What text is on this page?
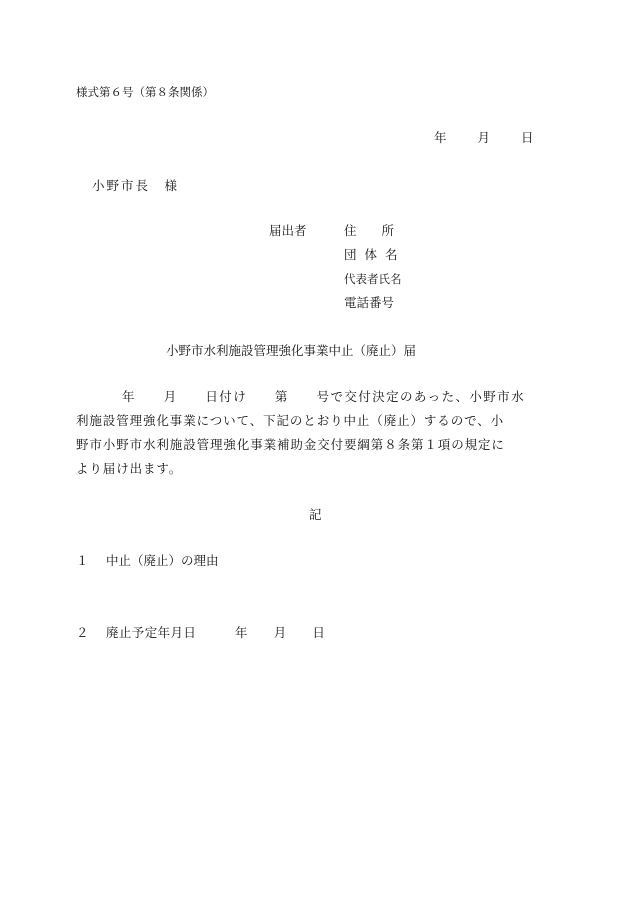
様式第６号（第８条関係）
年　　月　　日
小野市長　様
届出者	住　　所
団 体 名
代表者氏名
電話番号
小野市水利施設管理強化事業中止（廃止）届
年　　月　　日付け　　第　　号で交付決定のあった、小野市水
利施設管理強化事業について、下記のとおり中止（廃止）するので、小
野市小野市水利施設管理強化事業補助金交付要綱第８条第１項の規定に
より届け出ます。
記
１ 中止（廃止）の理由
２ 廃止予定年月日　　　年　　月　　日
